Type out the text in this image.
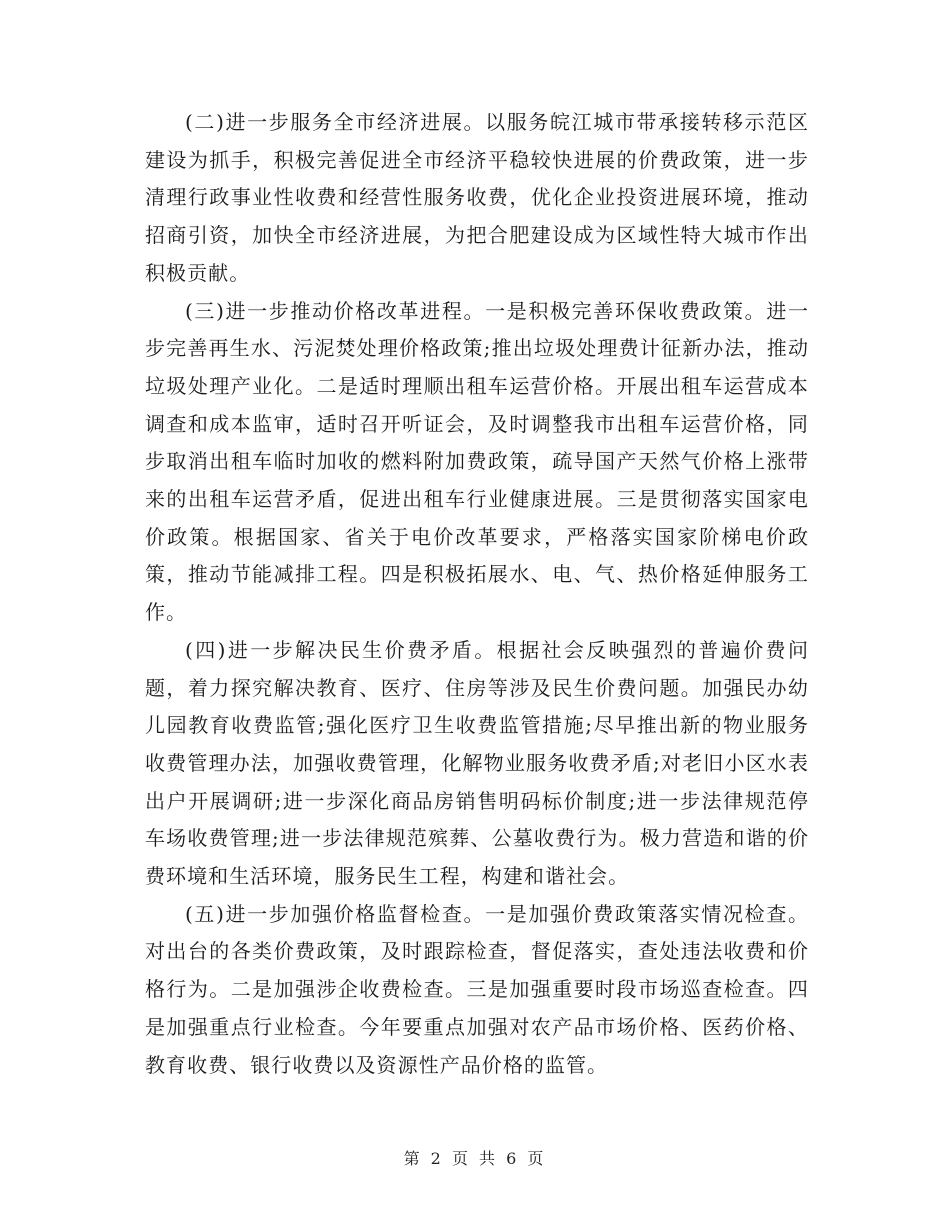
(二)进一步服务全市经济进展。以服务皖江城市带承接转移示范区建设为抓手，积极完善促进全市经济平稳较快进展的价费政策，进一步清理行政事业性收费和经营性服务收费，优化企业投资进展环境，推动招商引资，加快全市经济进展，为把合肥建设成为区域性特大城市作出积极贡献。

(三)进一步推动价格改革进程。一是积极完善环保收费政策。进一步完善再生水、污泥焚处理价格政策;推出垃圾处理费计征新办法，推动垃圾处理产业化。二是适时理顺出租车运营价格。开展出租车运营成本调查和成本监审，适时召开听证会，及时调整我市出租车运营价格，同步取消出租车临时加收的燃料附加费政策，疏导国产天然气价格上涨带来的出租车运营矛盾，促进出租车行业健康进展。三是贯彻落实国家电价政策。根据国家、省关于电价改革要求，严格落实国家阶梯电价政策，推动节能减排工程。四是积极拓展水、电、气、热价格延伸服务工作。

(四)进一步解决民生价费矛盾。根据社会反映强烈的普遍价费问题，着力探究解决教育、医疗、住房等涉及民生价费问题。加强民办幼儿园教育收费监管;强化医疗卫生收费监管措施;尽早推出新的物业服务收费管理办法，加强收费管理，化解物业服务收费矛盾;对老旧小区水表出户开展调研;进一步深化商品房销售明码标价制度;进一步法律规范停车场收费管理;进一步法律规范殡葬、公墓收费行为。极力营造和谐的价费环境和生活环境，服务民生工程，构建和谐社会。

(五)进一步加强价格监督检查。一是加强价费政策落实情况检查。对出台的各类价费政策，及时跟踪检查，督促落实，查处违法收费和价格行为。二是加强涉企收费检查。三是加强重要时段市场巡查检查。四是加强重点行业检查。今年要重点加强对农产品市场价格、医药价格、教育收费、银行收费以及资源性产品价格的监管。

第 2 页 共 6 页
